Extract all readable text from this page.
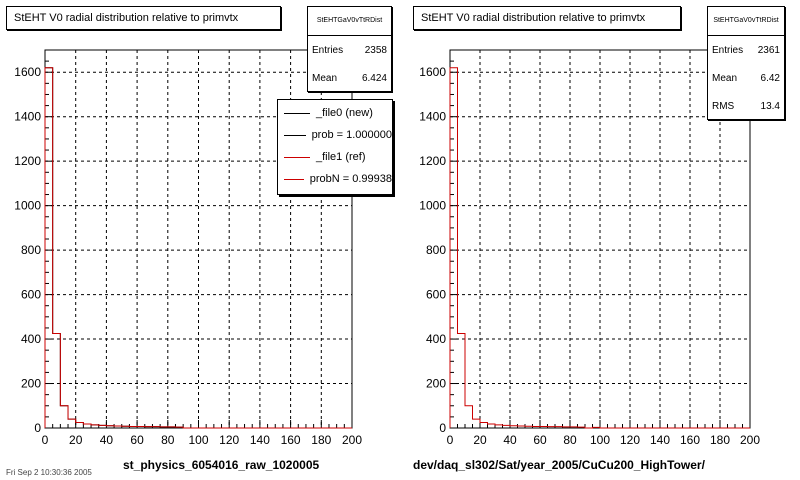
0 20 40 60 80 100 120 140 160 180 200
0
200
400
600
800
1000
1200
1400
1600
StEHT V0 radial distribution relative to primvtx	StEHTGaV0vTtRDist
Entries 2358
Mean 6.424
_file0 (new)
prob = 1.000000
_file1 (ref)
probN = 0.99938
st_physics_6054016_raw_1020005
0 20 40 60 80 100 120 140 160 180 200
0
200
400
600
800
1000
1200
1400
1600
StEHT V0 radial distribution relative to primvtx	StEHTGaV0vTtRDist
Entries 2361
Mean 6.42
RMS	13.4
dev/daq_sl302/Sat/year_2005/CuCu200_HighTower/
Fri Sep 2 10:30:36 2005
